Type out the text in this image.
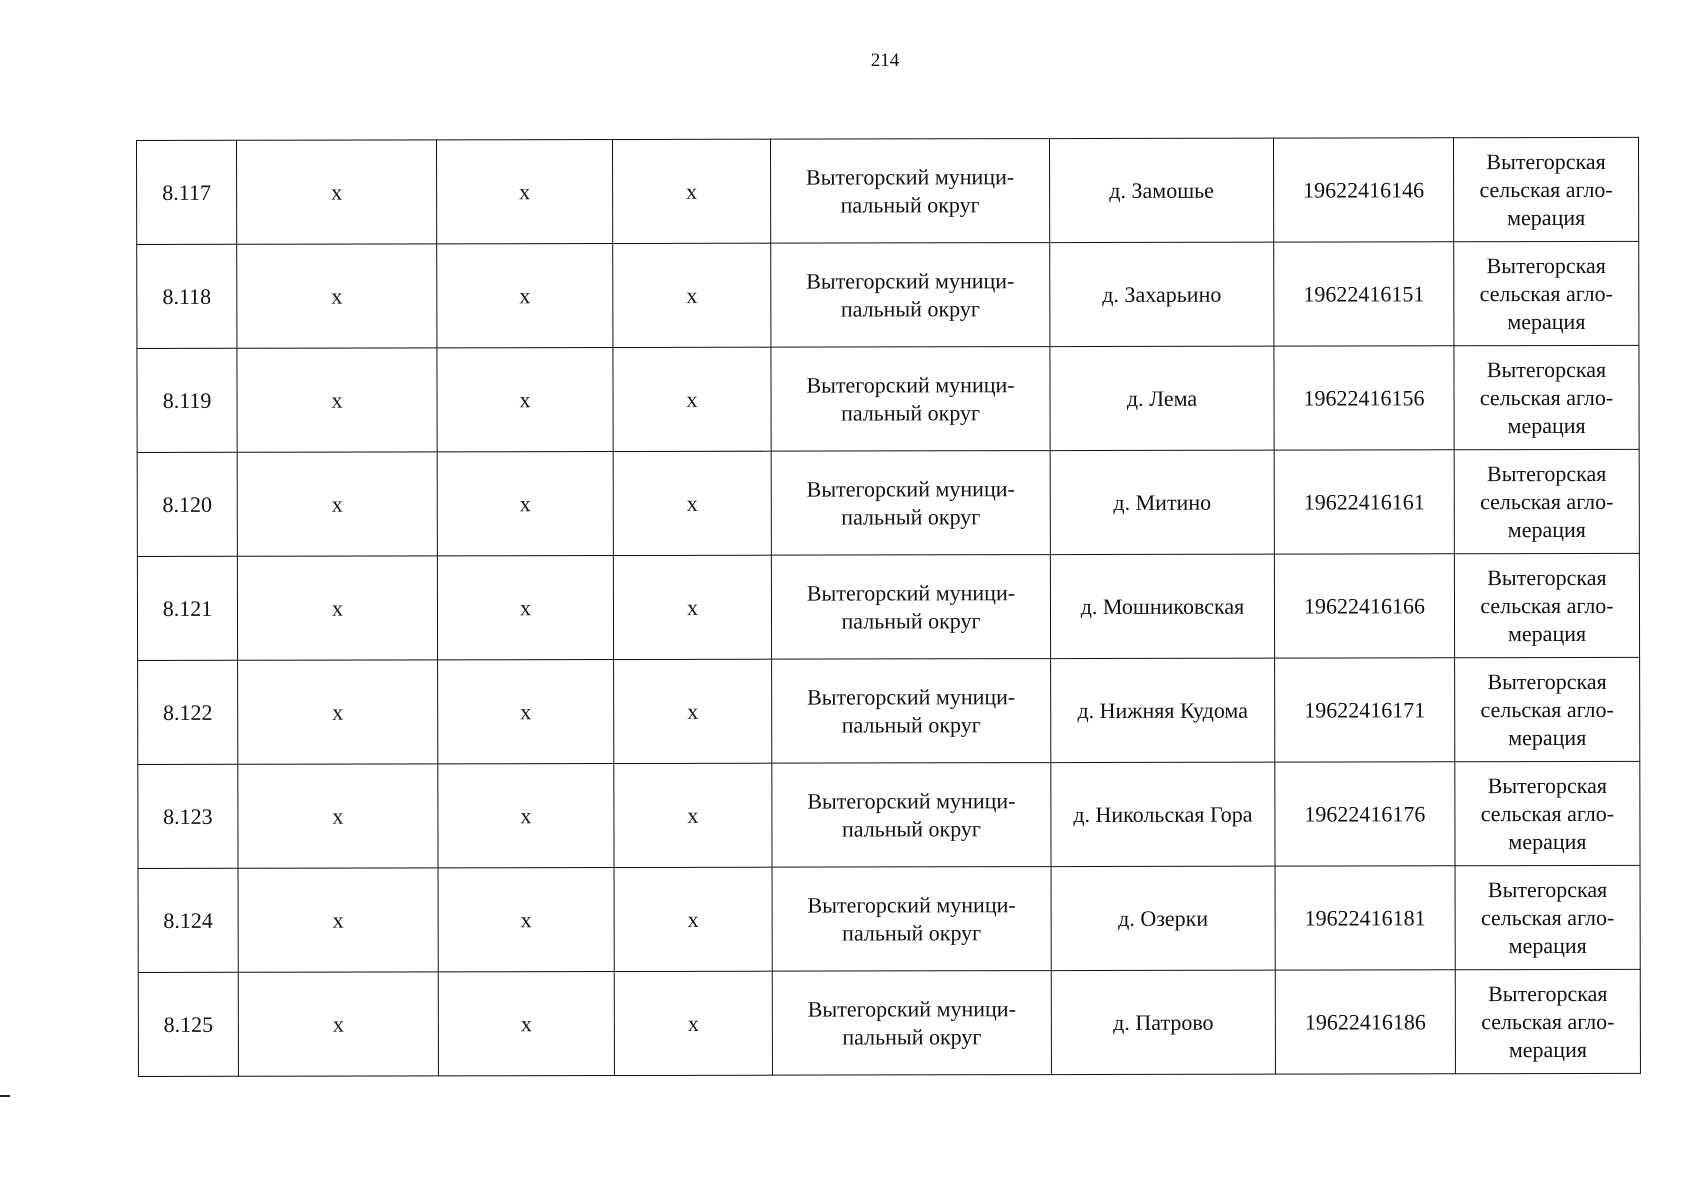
214
8.117	x	x	x	Вытегорский муници-
пальный округ	д. Замошье	19622416146	Вытегорская
сельская агло-
мерация

8.118	x	x	x	Вытегорский муници-
пальный округ	д. Захарьино	19622416151	Вытегорская
сельская агло-
мерация

8.119	x	x	x	Вытегорский муници-
пальный округ	д. Лема	19622416156	Вытегорская
сельская агло-
мерация

8.120	x	x	x	Вытегорский муници-
пальный округ	д. Митино	19622416161	Вытегорская
сельская агло-
мерация

8.121	x	x	x	Вытегорский муници-
пальный округ	д. Мошниковская	19622416166	Вытегорская
сельская агло-
мерация

8.122	x	x	x	Вытегорский муници-
пальный округ	д. Нижняя Кудома	19622416171	Вытегорская
сельская агло-
мерация

8.123	x	x	x	Вытегорский муници-
пальный округ	д. Никольская Гора	19622416176	Вытегорская
сельская агло-
мерация

8.124	x	x	x	Вытегорский муници-
пальный округ	д. Озерки	19622416181	Вытегорская
сельская агло-
мерация

8.125	x	x	x	Вытегорский муници-
пальный округ	д. Патрово	19622416186	Вытегорская
сельская агло-
мерация
